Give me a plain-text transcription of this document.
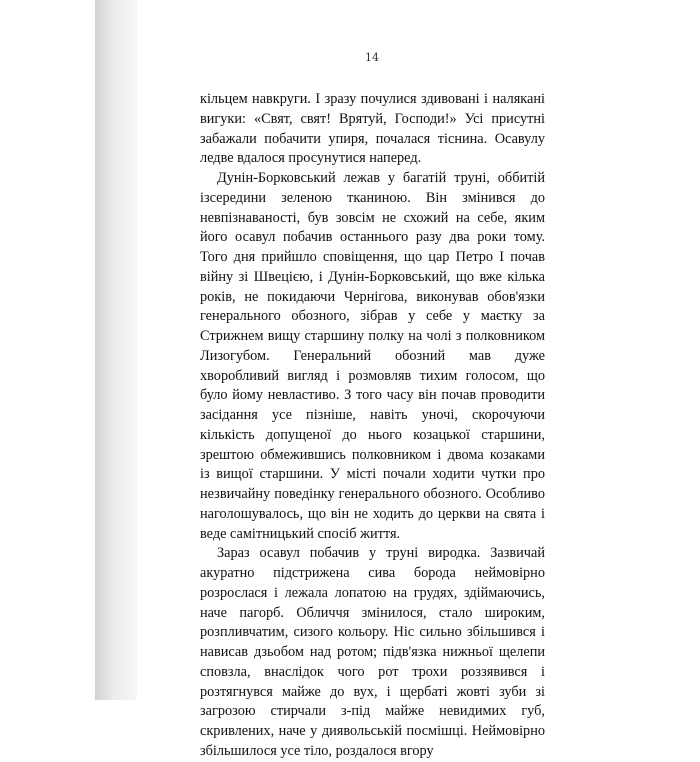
14

кільцем навкруги. І зразу почулися здивовані і налякані вигуки: «Свят, свят! Врятуй, Господи!» Усі присутні забажали побачити упиря, почалася тіснина. Осавулу ледве вдалося просунутися наперед.

Дунін-Борковський лежав у багатій труні, оббитій ізсередини зеленою тканиною. Він змінився до невпізнаваності, був зовсім не схожий на себе, яким його осавул побачив останнього разу два роки тому. Того дня прийшло сповіщення, що цар Петро І почав війну зі Швецією, і Дунін-Борковський, що вже кілька років, не покидаючи Чернігова, виконував обов'язки генерального обозного, зібрав у себе у маєтку за Стрижнем вищу старшину полку на чолі з полковником Лизогубом. Генеральний обозний мав дуже хворобливий вигляд і розмовляв тихим голосом, що було йому невластиво. З того часу він почав проводити засідання усе пізніше, навіть уночі, скорочуючи кількість допущеної до нього козацької старшини, зрештою обмежившись полковником і двома козаками із вищої старшини. У місті почали ходити чутки про незвичайну поведінку генерального обозного. Особливо наголошувалось, що він не ходить до церкви на свята і веде самітницький спосіб життя.

Зараз осавул побачив у труні виродка. Зазвичай акуратно підстрижена сива борода неймовірно розрослася і лежала лопатою на грудях, здіймаючись, наче пагорб. Обличчя змінилося, стало широким, розпливчатим, сизого кольору. Ніс сильно збільшився і нависав дзьобом над ротом; підв'язка нижньої щелепи сповзла, внаслідок чого рот трохи роззявився і розтягнувся майже до вух, і щербаті жовті зуби зі загрозою стирчали з-під майже невидимих губ, скривлених, наче у диявольській посмішці. Неймовірно збільшилося усе тіло, роздалося вгору
